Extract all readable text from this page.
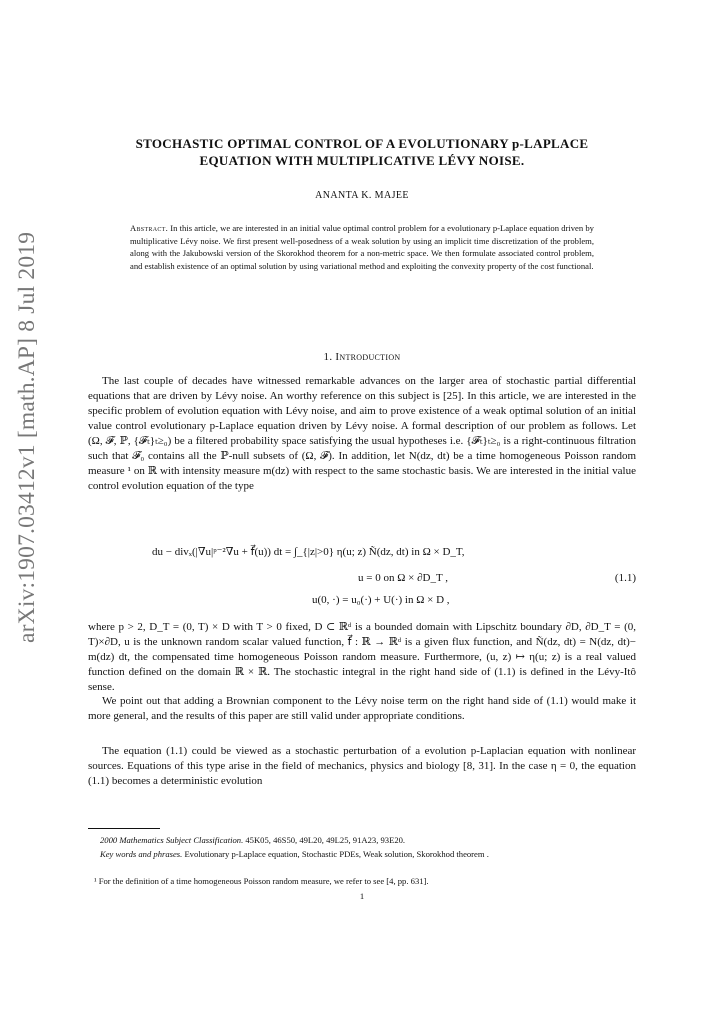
arXiv:1907.03412v1 [math.AP] 8 Jul 2019
STOCHASTIC OPTIMAL CONTROL OF A EVOLUTIONARY p-LAPLACE
EQUATION WITH MULTIPLICATIVE LÉVY NOISE.
ANANTA K. MAJEE
Abstract. In this article, we are interested in an initial value optimal control problem for a evolutionary p-Laplace equation driven by multiplicative Lévy noise. We first present well-posedness of a weak solution by using an implicit time discretization of the problem, along with the Jakubowski version of the Skorokhod theorem for a non-metric space. We then formulate associated control problem, and establish existence of an optimal solution by using variational method and exploiting the convexity property of the cost functional.
1. Introduction

The last couple of decades have witnessed remarkable advances on the larger area of stochastic partial differential equations that are driven by Lévy noise. An worthy reference on this subject is [25]. In this article, we are interested in the specific problem of evolution equation with Lévy noise, and aim to prove existence of a weak optimal solution of an initial value control evolutionary p-Laplace equation driven by Lévy noise. A formal description of our problem as follows. Let (Ω, 𝓕, ℙ, {𝓕ₜ}ₜ≥₀) be a filtered probability space satisfying the usual hypotheses i.e. {𝓕ₜ}ₜ≥₀ is a right-continuous filtration such that 𝓕₀ contains all the ℙ-null subsets of (Ω, 𝓕). In addition, let N(dz, dt) be a time homogeneous Poisson random measure ¹ on ℝ with intensity measure m(dz) with respect to the same stochastic basis. We are interested in the initial value control evolution equation of the type

du − divₓ(|∇u|ᵖ⁻²∇u + f⃗(u)) dt = ∫_{|z|>0} η(u; z) Ñ(dz, dt) in Ω × D_T,
u = 0 on Ω × ∂D_T ,
u(0, ·) = u₀(·) + U(·) in Ω × D ,
(1.1)

where p > 2, D_T = (0, T) × D with T > 0 fixed, D ⊂ ℝᵈ is a bounded domain with Lipschitz boundary ∂D, ∂D_T = (0, T)×∂D, u is the unknown random scalar valued function, f⃗ : ℝ → ℝᵈ is a given flux function, and Ñ(dz, dt) = N(dz, dt)− m(dz) dt, the compensated time homogeneous Poisson random measure. Furthermore, (u, z) ↦ η(u; z) is a real valued function defined on the domain ℝ × ℝ. The stochastic integral in the right hand side of (1.1) is defined in the Lévy-Itô sense.

We point out that adding a Brownian component to the Lévy noise term on the right hand side of (1.1) would make it more general, and the results of this paper are still valid under appropriate conditions.

The equation (1.1) could be viewed as a stochastic perturbation of a evolution p-Laplacian equation with nonlinear sources. Equations of this type arise in the field of mechanics, physics and biology [8, 31]. In the case η = 0, the equation (1.1) becomes a deterministic evolution

2000 Mathematics Subject Classification. 45K05, 46S50, 49L20, 49L25, 91A23, 93E20.

Key words and phrases. Evolutionary p-Laplace equation, Stochastic PDEs, Weak solution, Skorokhod theorem .

¹ For the definition of a time homogeneous Poisson random measure, we refer to see [4, pp. 631].

1
